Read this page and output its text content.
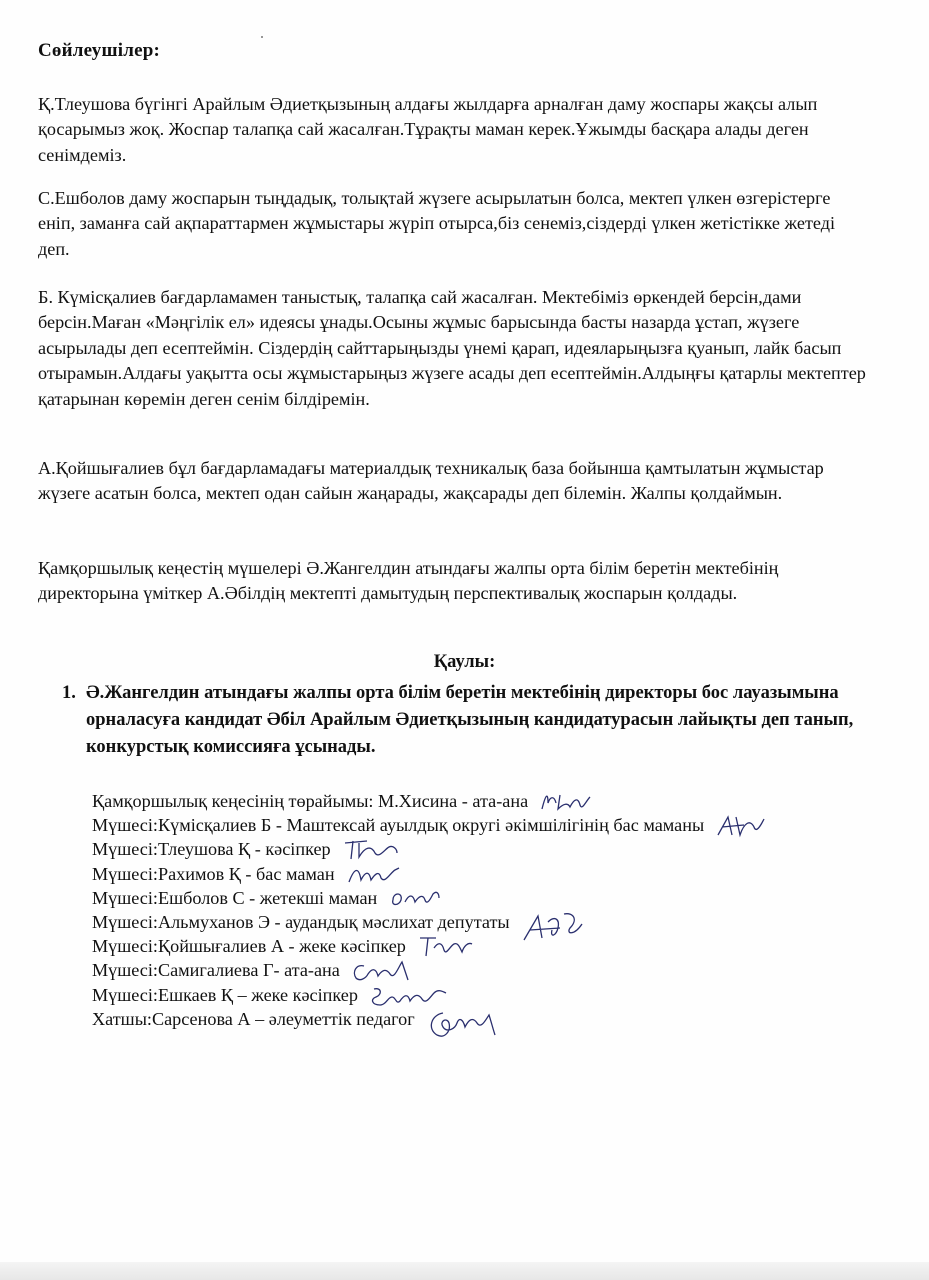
Сөйлеушілер:

Қ.Тлеушова бүгінгі Арайлым Әдиетқызының алдағы жылдарға арналған даму жоспары жақсы алып қосарымыз жоқ. Жоспар талапқа сай жасалған.Тұрақты маман керек.Ұжымды басқара алады деген сенімдеміз.

С.Ешболов даму жоспарын тыңдадық, толықтай жүзеге асырылатын болса, мектеп үлкен өзгерістерге еніп, заманға сай ақпараттармен жұмыстары жүріп отырса,біз сенеміз,сіздерді үлкен жетістікке жетеді деп.

Б. Күмісқалиев бағдарламамен таныстық, талапқа сай жасалған. Мектебіміз өркендей берсін,дами берсін.Маған «Мәңгілік ел» идеясы ұнады.Осыны жұмыс барысында басты назарда ұстап, жүзеге асырылады деп есептеймін. Сіздердің сайттарыңызды үнемі қарап, идеяларыңызға қуанып, лайк басып отырамын.Алдағы уақытта осы жұмыстарыңыз жүзеге асады деп есептеймін.Алдыңғы қатарлы мектептер қатарынан көремін деген сенім білдіремін.

А.Қойшығалиев бұл бағдарламадағы материалдық техникалық база бойынша қамтылатын жұмыстар жүзеге асатын болса, мектеп одан сайын жаңарады, жақсарады деп білемін. Жалпы қолдаймын.

Қамқоршылық кеңестің мүшелері Ә.Жангелдин атындағы жалпы орта білім беретін мектебінің директорына үміткер А.Әбілдің мектепті дамытудың перспективалық жоспарын қолдады.

Қаулы:
1. Ә.Жангелдин атындағы жалпы орта білім беретін мектебінің директоры бос лауазымына орналасуға кандидат Әбіл Арайлым Әдиетқызының кандидатурасын лайықты деп танып, конкурстық комиссияға ұсынады.
Қамқоршылық кеңесінің төрайымы: М.Хисина - ата-ана
Мүшесі:Күмісқалиев Б - Маштексай ауылдық округі әкімшілігінің бас маманы
Мүшесі:Тлеушова Қ - кәсіпкер
Мүшесі:Рахимов Қ - бас маман
Мүшесі:Ешболов С - жетекші маман
Мүшесі:Альмуханов Э - аудандық мәслихат депутаты
Мүшесі:Қойшығалиев А - жеке кәсіпкер
Мүшесі:Самигалиева Г- ата-ана
Мүшесі:Ешкаев Қ – жеке кәсіпкер
Хатшы:Сарсенова А – әлеуметтік педагог
